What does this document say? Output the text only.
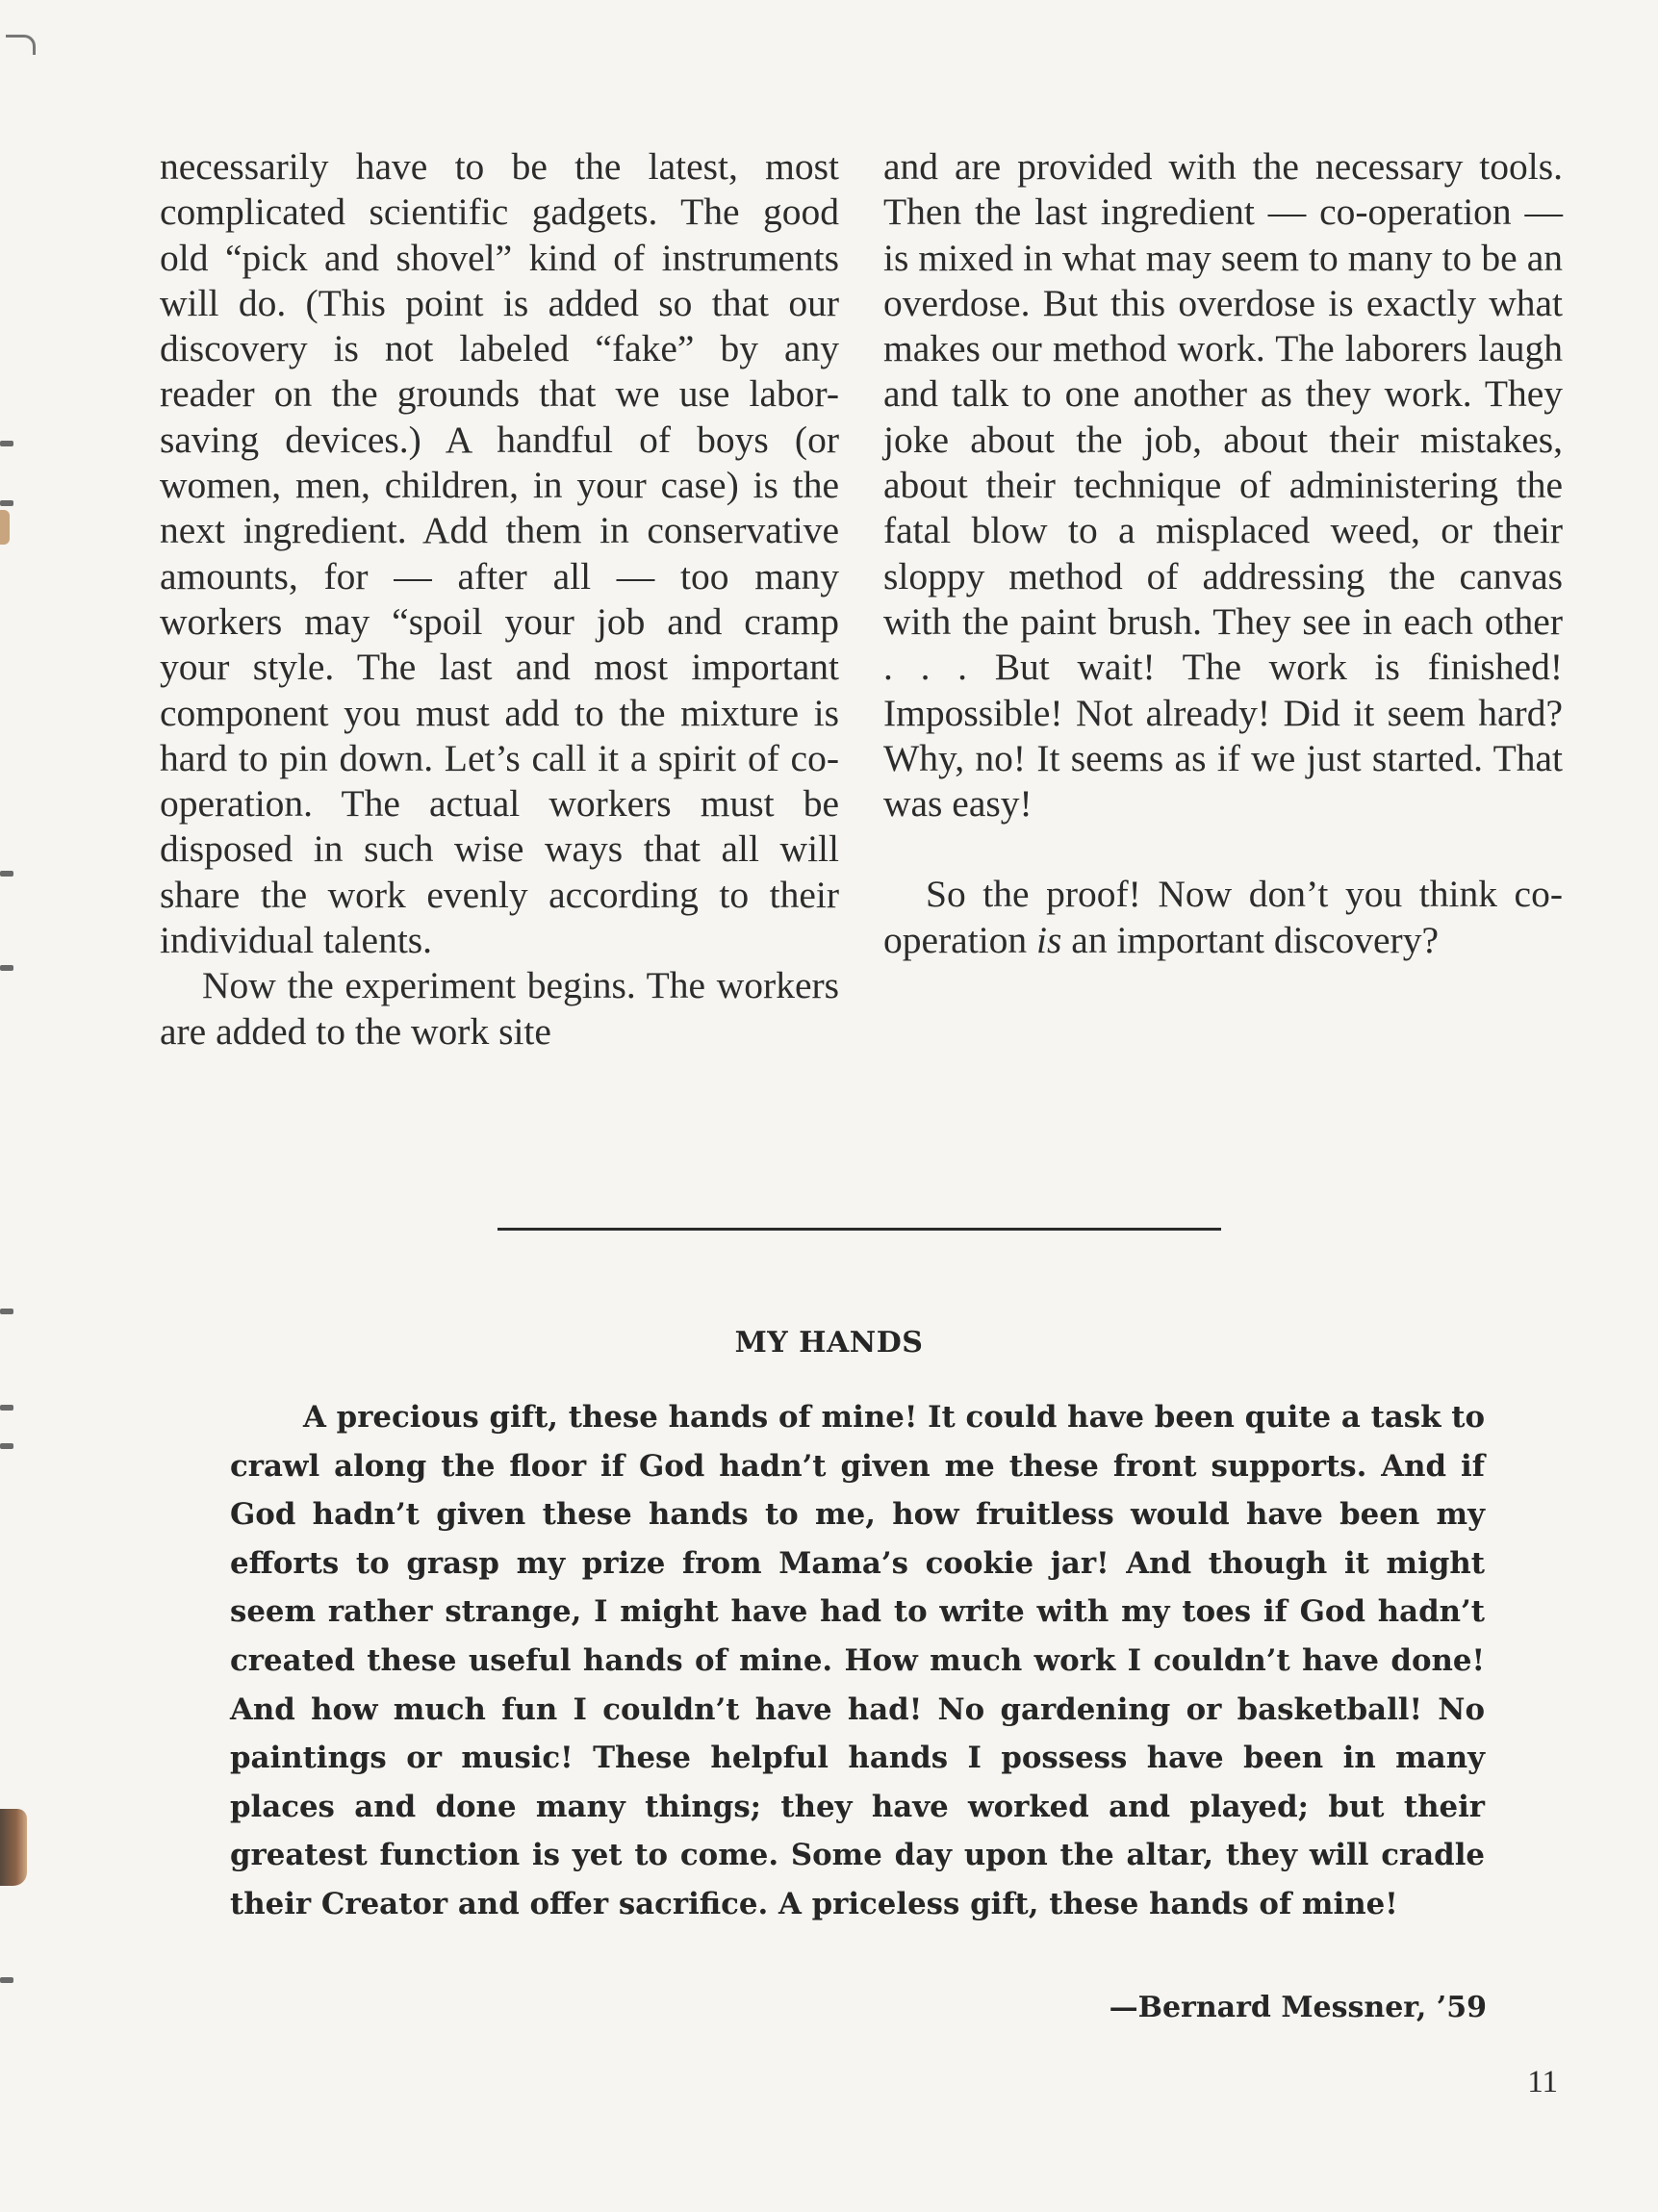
necessarily have to be the latest, most complicated scientific gadgets. The good old “pick and shovel” kind of instruments will do. (This point is added so that our discovery is not labeled “fake” by any reader on the grounds that we use labor-saving devices.) A handful of boys (or women, men, children, in your case) is the next ingredient. Add them in conservative amounts, for — after all — too many workers may “spoil your job and cramp your style. The last and most important component you must add to the mixture is hard to pin down. Let’s call it a spirit of co-operation. The actual workers must be disposed in such wise ways that all will share the work evenly according to their individual talents.

Now the experiment begins. The workers are added to the work site

and are provided with the necessary tools. Then the last ingredient — co-operation — is mixed in what may seem to many to be an overdose. But this overdose is exactly what makes our method work. The laborers laugh and talk to one another as they work. They joke about the job, about their mistakes, about their technique of administering the fatal blow to a misplaced weed, or their sloppy method of addressing the canvas with the paint brush. They see in each other . . . But wait! The work is finished! Impossible! Not already! Did it seem hard? Why, no! It seems as if we just started. That was easy!

So the proof! Now don’t you think co-operation is an important discovery?

MY HANDS

A precious gift, these hands of mine! It could have been quite a task to crawl along the floor if God hadn’t given me these front supports. And if God hadn’t given these hands to me, how fruitless would have been my efforts to grasp my prize from Mama’s cookie jar! And though it might seem rather strange, I might have had to write with my toes if God hadn’t created these useful hands of mine. How much work I couldn’t have done! And how much fun I couldn’t have had! No gardening or basketball! No paintings or music! These helpful hands I possess have been in many places and done many things; they have worked and played; but their greatest function is yet to come. Some day upon the altar, they will cradle their Creator and offer sacrifice. A priceless gift, these hands of mine!

—Bernard Messner, ’59
11
